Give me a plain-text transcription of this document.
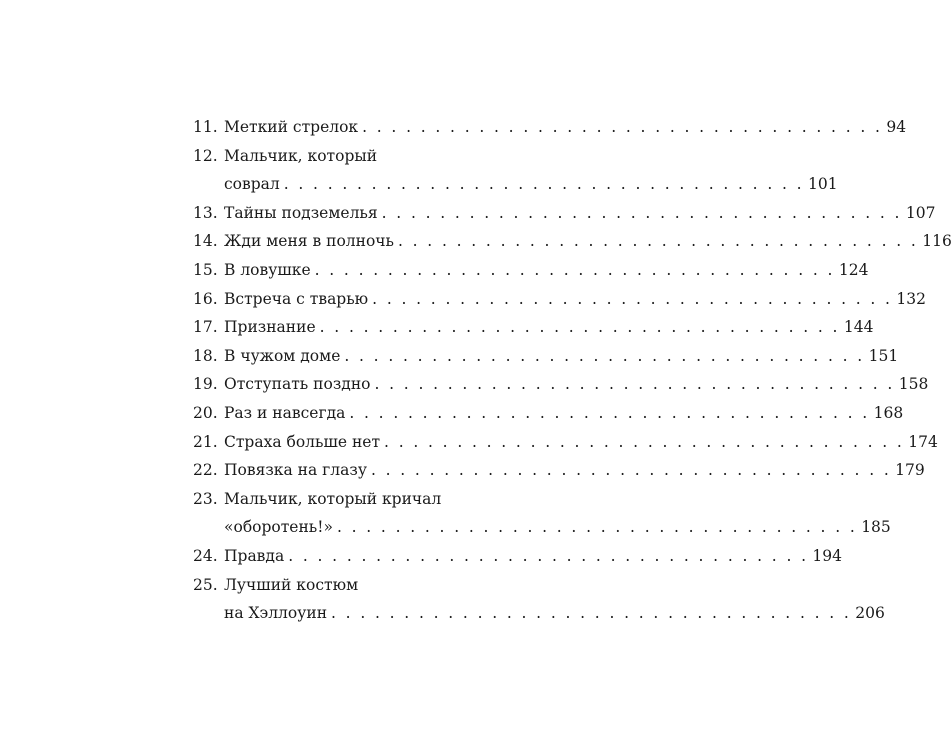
11. Меткий стрелок . . . . . . . . . . . . . . . . . . . . . . . . . . . . . . . . . . . . 94
12. Мальчик, который
соврал . . . . . . . . . . . . . . . . . . . . . . . . . . . . . . . . . . . . 101
13. Тайны подземелья . . . . . . . . . . . . . . . . . . . . . . . . . . . . . . . . . . . . 107
14. Жди меня в полночь . . . . . . . . . . . . . . . . . . . . . . . . . . . . . . . . . . . . 116
15. В ловушке . . . . . . . . . . . . . . . . . . . . . . . . . . . . . . . . . . . . 124
16. Встреча с тварью . . . . . . . . . . . . . . . . . . . . . . . . . . . . . . . . . . . . 132
17. Признание . . . . . . . . . . . . . . . . . . . . . . . . . . . . . . . . . . . . 144
18. В чужом доме . . . . . . . . . . . . . . . . . . . . . . . . . . . . . . . . . . . . 151
19. Отступать поздно . . . . . . . . . . . . . . . . . . . . . . . . . . . . . . . . . . . . 158
20. Раз и навсегда . . . . . . . . . . . . . . . . . . . . . . . . . . . . . . . . . . . . 168
21. Страха больше нет . . . . . . . . . . . . . . . . . . . . . . . . . . . . . . . . . . . . 174
22. Повязка на глазу . . . . . . . . . . . . . . . . . . . . . . . . . . . . . . . . . . . . 179
23. Мальчик, который кричал
«оборотень!» . . . . . . . . . . . . . . . . . . . . . . . . . . . . . . . . . . . . 185
24. Правда . . . . . . . . . . . . . . . . . . . . . . . . . . . . . . . . . . . . 194
25. Лучший костюм
на Хэллоуин . . . . . . . . . . . . . . . . . . . . . . . . . . . . . . . . . . . . 206
